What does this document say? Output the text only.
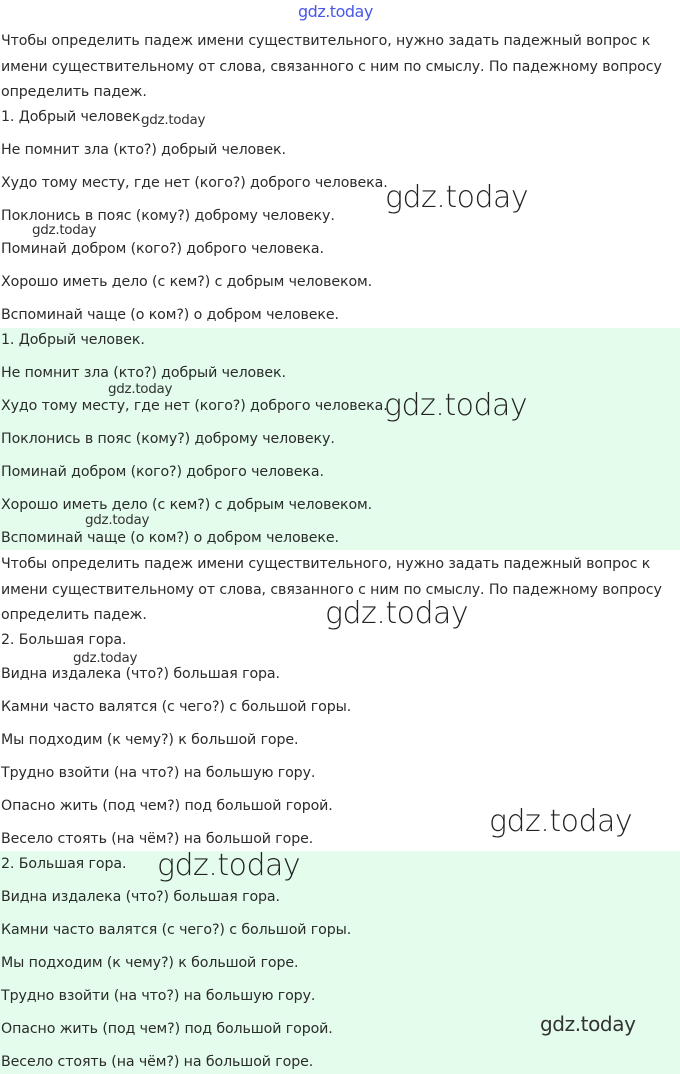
Чтобы определить падеж имени существительного, нужно задать падежный вопрос к
имени существительному от слова, связанного с ним по смыслу. По падежному вопросу
определить падеж.
1. Добрый человек.
Не помнит зла (кто?) добрый человек.
Худо тому месту, где нет (кого?) доброго человека.
Поклонись в пояс (кому?) доброму человеку.
Поминай добром (кого?) доброго человека.
Хорошо иметь дело (с кем?) с добрым человеком.
Вспоминай чаще (о ком?) о добром человеке.
1. Добрый человек.
Не помнит зла (кто?) добрый человек.
Худо тому месту, где нет (кого?) доброго человека.
Поклонись в пояс (кому?) доброму человеку.
Поминай добром (кого?) доброго человека.
Хорошо иметь дело (с кем?) с добрым человеком.
Вспоминай чаще (о ком?) о добром человеке.
Чтобы определить падеж имени существительного, нужно задать падежный вопрос к
имени существительному от слова, связанного с ним по смыслу. По падежному вопросу
определить падеж.
2. Большая гора.
Видна издалека (что?) большая гора.
Камни часто валятся (с чего?) с большой горы.
Мы подходим (к чему?) к большой горе.
Трудно взойти (на что?) на большую гору.
Опасно жить (под чем?) под большой горой.
Весело стоять (на чём?) на большой горе.
2. Большая гора.
Видна издалека (что?) большая гора.
Камни часто валятся (с чего?) с большой горы.
Мы подходим (к чему?) к большой горе.
Трудно взойти (на что?) на большую гору.
Опасно жить (под чем?) под большой горой.
Весело стоять (на чём?) на большой горе.
gdz.today
gdz.today
gdz.today
gdz.today
gdz.today	gdz.today
gdz.today
gdz.today
gdz.today
gdz.today
gdz.today
gdz.today
